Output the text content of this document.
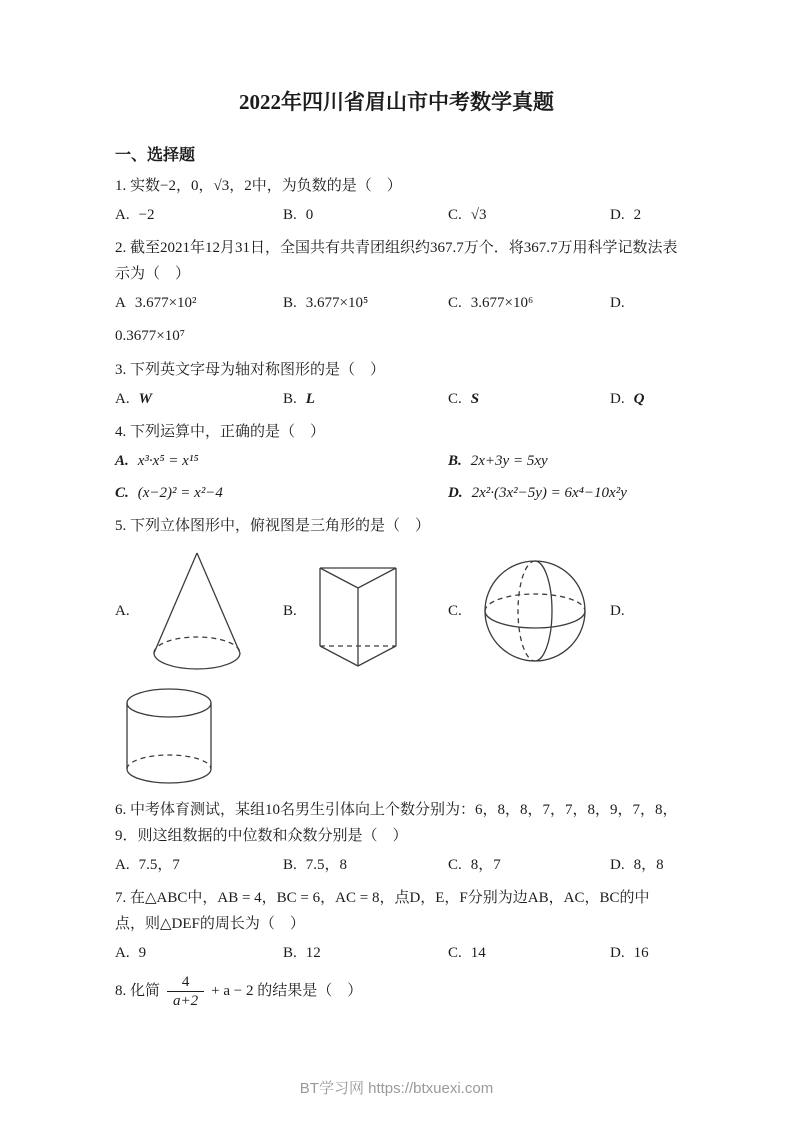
2022年四川省眉山市中考数学真题
一、选择题
1. 实数−2，0，√3，2中，为负数的是（　）
A. −2	B. 0	C. √3	D. 2
2. 截至2021年12月31日，全国共有共青团组织约367.7万个．将367.7万用科学记数法表示为（　）
A 3.677×10²	B. 3.677×10⁵	C. 3.677×10⁶	D.
0.3677×10⁷
3. 下列英文字母为轴对称图形的是（　）
A. W	B. L	C. S	D. Q
4. 下列运算中，正确的是（　）
A. x³·x⁵ = x¹⁵	B. 2x+3y = 5xy
C. (x−2)² = x²−4	D. 2x²·(3x²−5y) = 6x⁴−10x²y
5. 下列立体图形中，俯视图是三角形的是（　）
A.	B.	C.	D.
6. 中考体育测试，某组10名男生引体向上个数分别为：6，8，8，7，7，8，9，7，8，9．则这组数据的中位数和众数分别是（　）
A. 7.5，7	B. 7.5，8	C. 8，7	D. 8，8
7. 在△ABC中，AB = 4，BC = 6，AC = 8，点D，E，F分别为边AB，AC，BC的中点，则△DEF的周长为（　）
A. 9	B. 12	C. 14	D. 16
8. 化简 $\frac{4}{a+2} + a - 2$ 的结果是（　）
BT学习网 https://btxuexi.com
